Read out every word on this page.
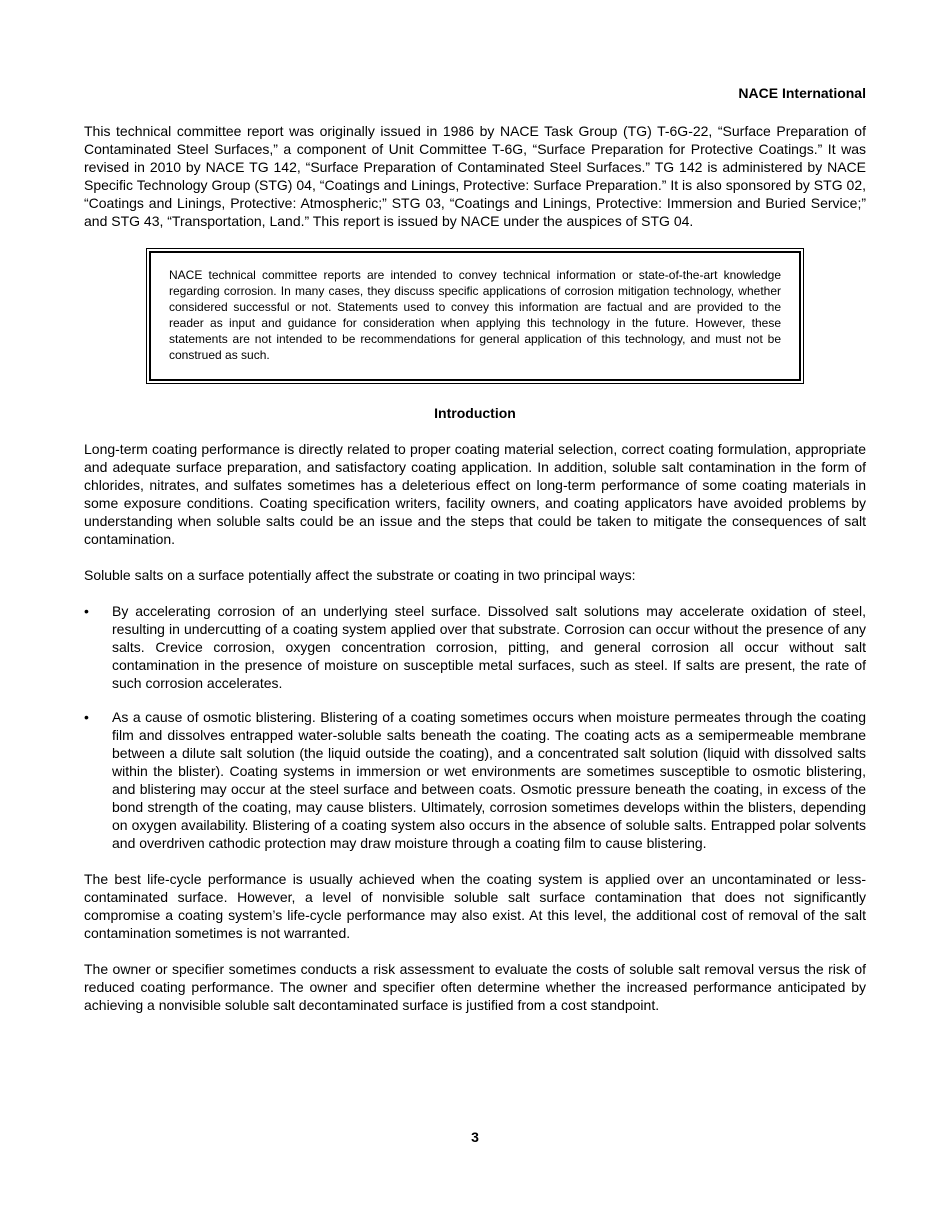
NACE International

This technical committee report was originally issued in 1986 by NACE Task Group (TG) T-6G-22, “Surface Preparation of Contaminated Steel Surfaces,” a component of Unit Committee T-6G, “Surface Preparation for Protective Coatings.” It was revised in 2010 by NACE TG 142, “Surface Preparation of Contaminated Steel Surfaces.” TG 142 is administered by NACE Specific Technology Group (STG) 04, “Coatings and Linings, Protective: Surface Preparation.” It is also sponsored by STG 02, “Coatings and Linings, Protective: Atmospheric;” STG 03, “Coatings and Linings, Protective: Immersion and Buried Service;” and STG 43, “Transportation, Land.” This report is issued by NACE under the auspices of STG 04.

NACE technical committee reports are intended to convey technical information or state-of-the-art knowledge regarding corrosion. In many cases, they discuss specific applications of corrosion mitigation technology, whether considered successful or not. Statements used to convey this information are factual and are provided to the reader as input and guidance for consideration when applying this technology in the future. However, these statements are not intended to be recommendations for general application of this technology, and must not be construed as such.

Introduction

Long-term coating performance is directly related to proper coating material selection, correct coating formulation, appropriate and adequate surface preparation, and satisfactory coating application. In addition, soluble salt contamination in the form of chlorides, nitrates, and sulfates sometimes has a deleterious effect on long-term performance of some coating materials in some exposure conditions. Coating specification writers, facility owners, and coating applicators have avoided problems by understanding when soluble salts could be an issue and the steps that could be taken to mitigate the consequences of salt contamination.

Soluble salts on a surface potentially affect the substrate or coating in two principal ways:

•	By accelerating corrosion of an underlying steel surface. Dissolved salt solutions may accelerate oxidation of steel, resulting in undercutting of a coating system applied over that substrate. Corrosion can occur without the presence of any salts. Crevice corrosion, oxygen concentration corrosion, pitting, and general corrosion all occur without salt contamination in the presence of moisture on susceptible metal surfaces, such as steel. If salts are present, the rate of such corrosion accelerates.
•	As a cause of osmotic blistering. Blistering of a coating sometimes occurs when moisture permeates through the coating film and dissolves entrapped water-soluble salts beneath the coating. The coating acts as a semipermeable membrane between a dilute salt solution (the liquid outside the coating), and a concentrated salt solution (liquid with dissolved salts within the blister). Coating systems in immersion or wet environments are sometimes susceptible to osmotic blistering, and blistering may occur at the steel surface and between coats. Osmotic pressure beneath the coating, in excess of the bond strength of the coating, may cause blisters. Ultimately, corrosion sometimes develops within the blisters, depending on oxygen availability. Blistering of a coating system also occurs in the absence of soluble salts. Entrapped polar solvents and overdriven cathodic protection may draw moisture through a coating film to cause blistering.

The best life-cycle performance is usually achieved when the coating system is applied over an uncontaminated or less-contaminated surface. However, a level of nonvisible soluble salt surface contamination that does not significantly compromise a coating system’s life-cycle performance may also exist. At this level, the additional cost of removal of the salt contamination sometimes is not warranted.

The owner or specifier sometimes conducts a risk assessment to evaluate the costs of soluble salt removal versus the risk of reduced coating performance. The owner and specifier often determine whether the increased performance anticipated by achieving a nonvisible soluble salt decontaminated surface is justified from a cost standpoint.

3
